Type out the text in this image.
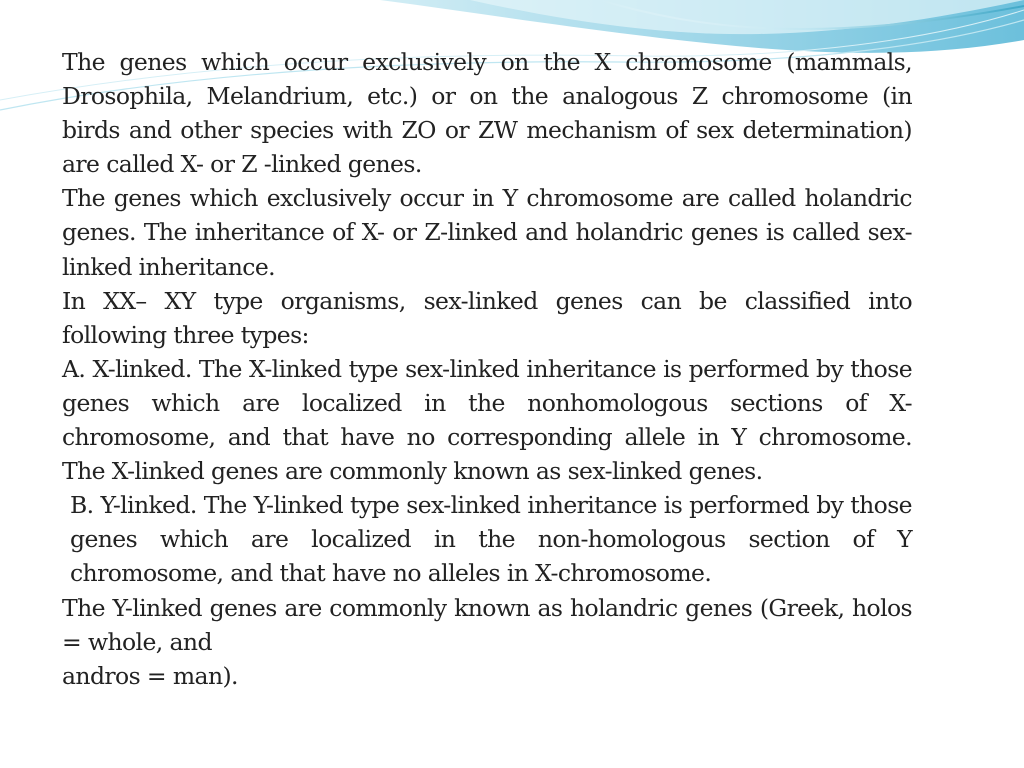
The genes which occur exclusively on the X chromosome (mammals, Drosophila, Melandrium, etc.) or on the analogous Z chromosome (in birds and other species with ZO or ZW mechanism of sex determination) are called X- or Z -linked genes.

The genes which exclusively occur in Y chromosome are called holandric genes. The inheritance of X- or Z-linked and holandric genes is called sex-linked inheritance.

In XX– XY type organisms, sex-linked genes can be classified into following three types:

A. X-linked. The X-linked type sex-linked inheritance is performed by those genes which are localized in the nonhomologous sections of X-chromosome, and that have no corresponding allele in Y chromosome. The X-linked genes are commonly known as sex-linked genes.

B. Y-linked. The Y-linked type sex-linked inheritance is performed by those genes which are localized in the non-homologous section of Y chromosome, and that have no alleles in X-chromosome.

The Y-linked genes are commonly known as holandric genes (Greek, holos = whole, and

andros = man).
